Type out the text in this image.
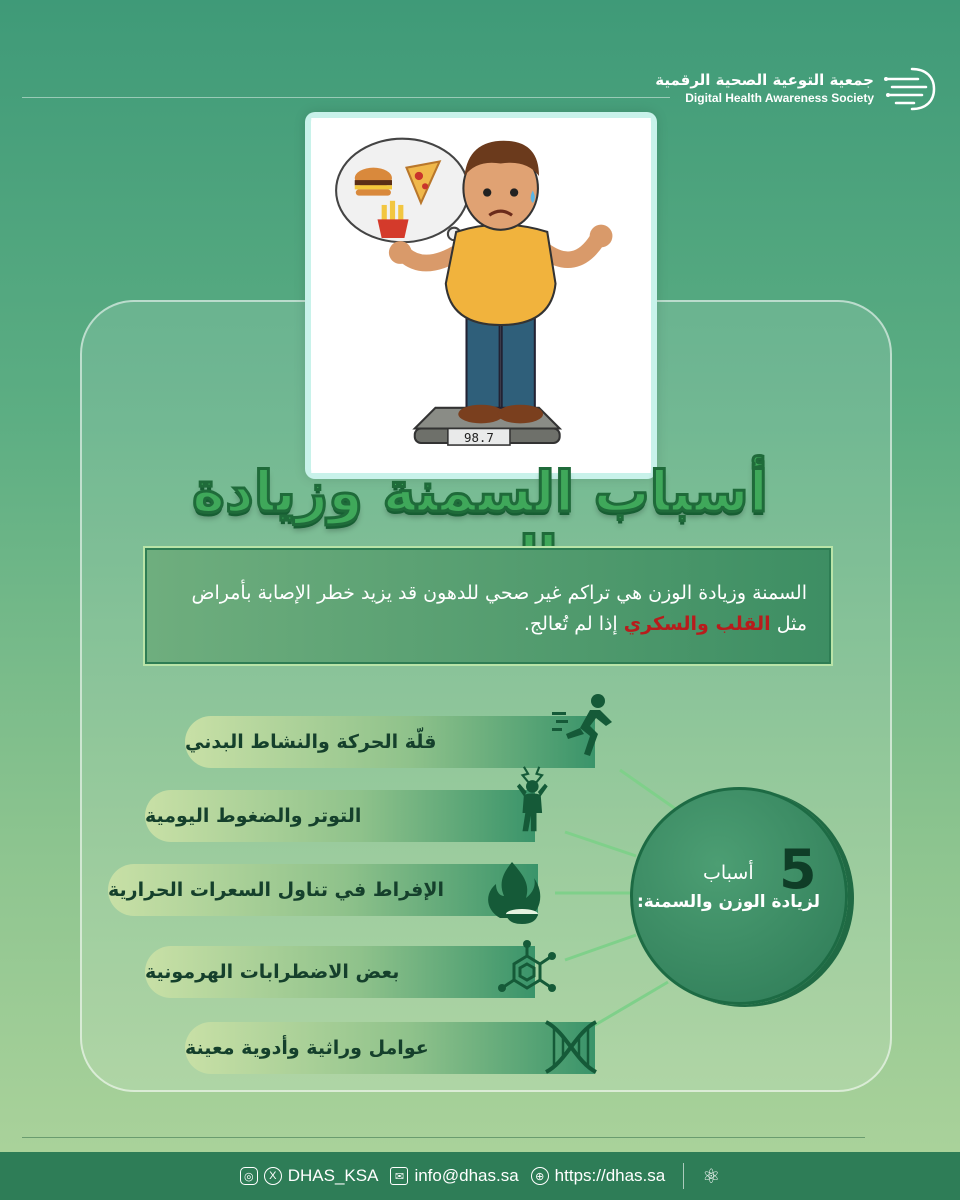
جمعية التوعية الصحية الرقمية
Digital Health Awareness Society
98.7
أسباب السمنة وزيادة
السمنة وزيادة الوزن هي تراكم غير صحي للدهون قد يزيد خطر الإصابة بأمراض مثل القلب والسكري إذا لم تُعالج.
قلّة الحركة والنشاط البدني
التوتر والضغوط اليومية
الإفراط في تناول السعرات الحرارية
بعض الاضطرابات الهرمونية
عوامل وراثية وأدوية معينة
5
أسباب
لزيادة الوزن والسمنة:
◎	X DHAS_KSA	✉ info@dhas.sa	⊕ https://dhas.sa ⚛
